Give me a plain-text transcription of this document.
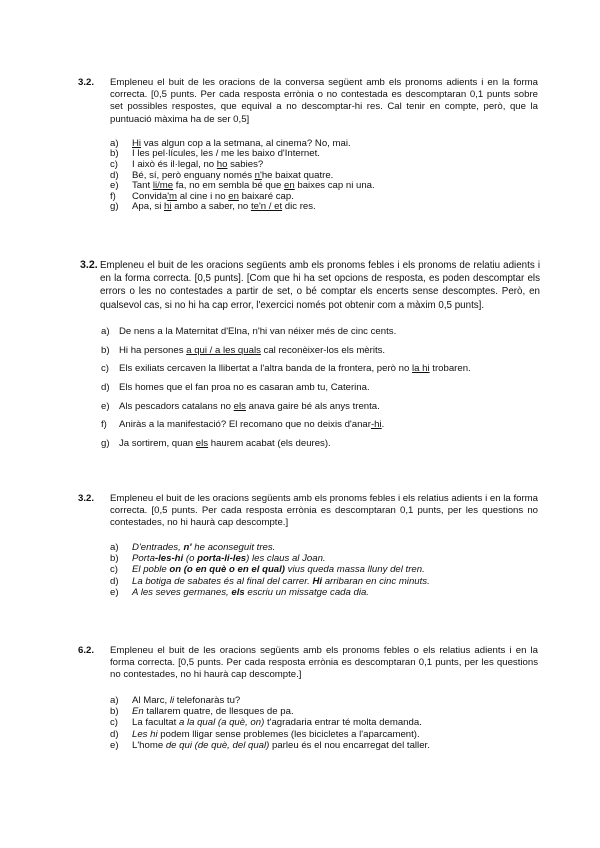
3.2.	Empleneu el buit de les oracions de la conversa següent amb els pronoms adients i en la forma correcta. [0,5 punts. Per cada resposta errònia o no contestada es descomptaran 0,1 punts sobre set possibles respostes, que equival a no descomptar-hi res. Cal tenir en compte, però, que la puntuació màxima ha de ser 0,5]
a)	Hi vas algun cop a la setmana, al cinema? No, mai.
b)	I les pel·lícules, les / me les baixo d'Internet.
c)	I això és il·legal, no ho sabies?
d)	Bé, sí, però enguany només n'he baixat quatre.
e)	Tant li/me fa, no em sembla bé que en baixes cap ni una.
f)	Convida'm al cine i no en baixaré cap.
g)	Apa, si hi ambo a saber, no te'n / et dic res.
3.2. Empleneu el buit de les oracions següents amb els pronoms febles i els pronoms de relatiu adients i en la forma correcta. [0,5 punts]. [Com que hi ha set opcions de resposta, es poden descomptar els errors o les no contestades a partir de set, o bé comptar els encerts sense descomptes. Però, en qualsevol cas, si no hi ha cap error, l'exercici només pot obtenir com a màxim 0,5 punts].
a) De nens a la Maternitat d'Elna, n'hi van néixer més de cinc cents.
b) Hi ha persones a qui / a les quals cal reconèixer-los els mèrits.
c)	Els exiliats cercaven la llibertat a l'altra banda de la frontera, però no la hi trobaren.
d) Els homes que el fan proa no es casaran amb tu, Caterina.
e) Als pescadors catalans no els anava gaire bé als anys trenta.
f)	Aniràs a la manifestació? El recomano que no deixis d'anar-hi.
g) Ja sortirem, quan els haurem acabat (els deures).
3.2.	Empleneu el buit de les oracions següents amb els pronoms febles i els relatius adients i en la forma correcta. [0,5 punts. Per cada resposta errònia es descomptaran 0,1 punts, per les questions no contestades, no hi haurà cap descompte.]
a)	D'entrades, n' he aconseguit tres.
b)	Porta-les-hi (o porta-li-les) les claus al Joan.
c)	El poble on (o en què o en el qual) vius queda massa lluny del tren.
d)	La botiga de sabates és al final del carrer. Hi arribaran en cinc minuts.
e)	A les seves germanes, els escriu un missatge cada dia.
6.2.	Empleneu el buit de les oracions següents amb els pronoms febles o els relatius adients i en la forma correcta. [0,5 punts. Per cada resposta errònia es descomptaran 0,1 punts, per les questions no contestades, no hi haurà cap descompte.]
a)	Al Marc, li telefonaràs tu?
b)	En tallarem quatre, de llesques de pa.
c)	La facultat a la qual (a què, on) t'agradaria entrar té molta demanda.
d)	Les hi podem lligar sense problemes (les bicicletes a l'aparcament).
e)	L'home de qui (de què, del qual) parleu és el nou encarregat del taller.
